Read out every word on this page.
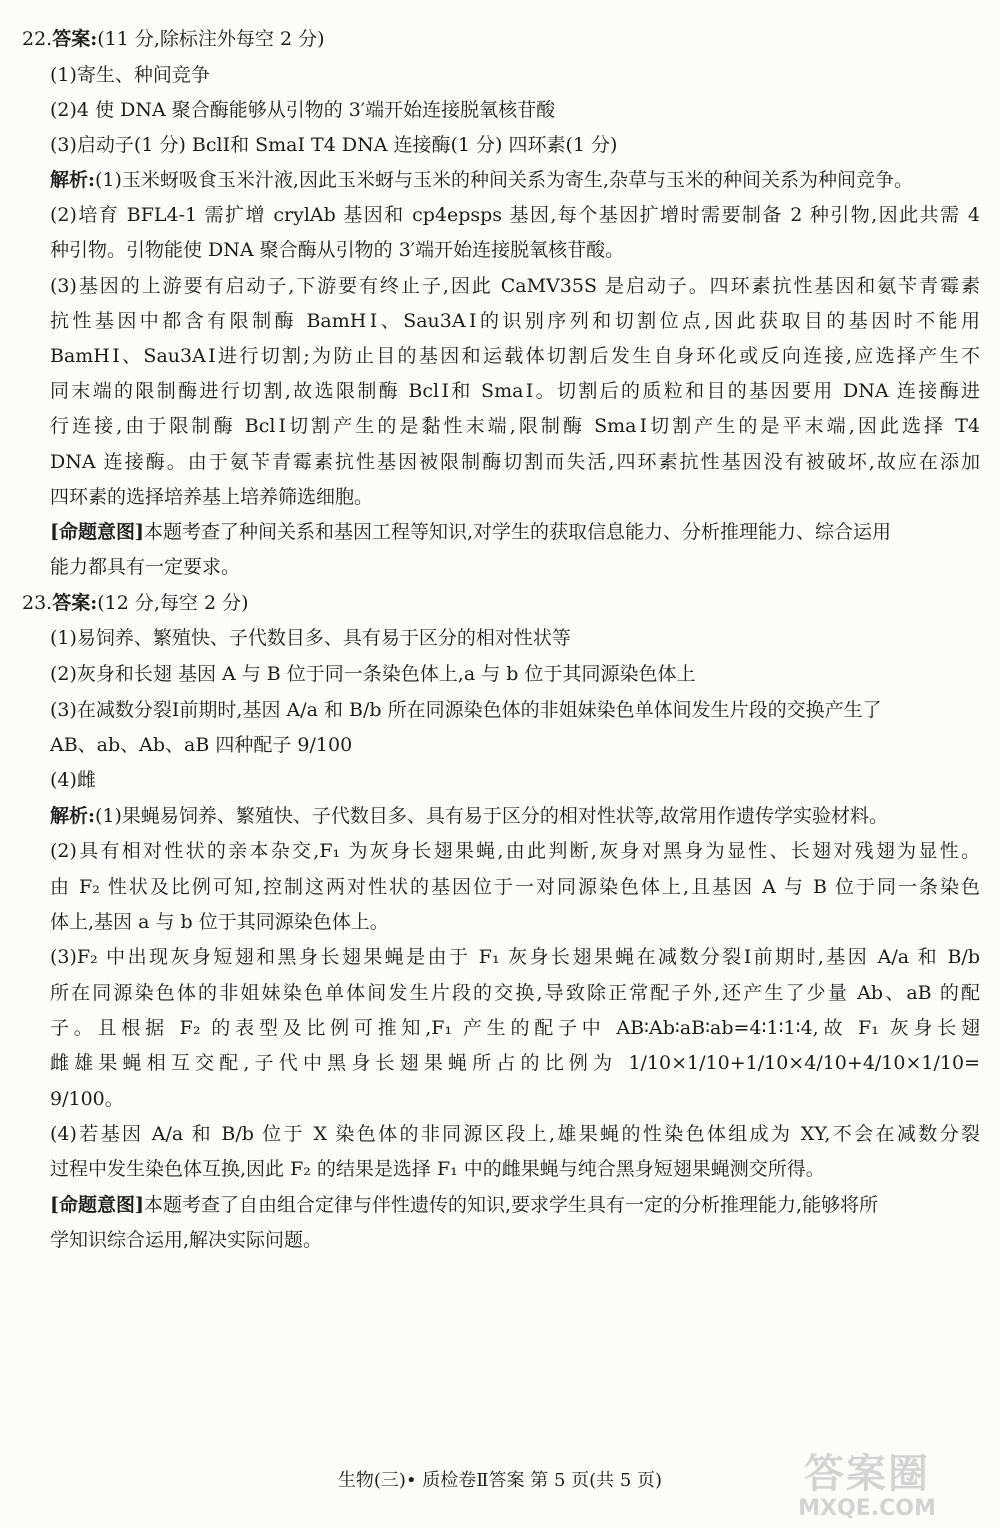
22.答案:(11 分,除标注外每空 2 分)
(1)寄生、种间竞争
(2)4 使 DNA 聚合酶能够从引物的 3′端开始连接脱氧核苷酸
(3)启动子(1 分) BclⅠ和 SmaⅠ T4 DNA 连接酶(1 分) 四环素(1 分)
解析:(1)玉米蚜吸食玉米汁液,因此玉米蚜与玉米的种间关系为寄生,杂草与玉米的种间关系为种间竞争。
(2)培育 BFL4-1 需扩增 crylAb 基因和 cp4epsps 基因,每个基因扩增时需要制备 2 种引物,因此共需 4
种引物。引物能使 DNA 聚合酶从引物的 3′端开始连接脱氧核苷酸。
(3)基因的上游要有启动子,下游要有终止子,因此 CaMV35S 是启动子。四环素抗性基因和氨苄青霉素
抗性基因中都含有限制酶 BamHⅠ、Sau3AⅠ的识别序列和切割位点,因此获取目的基因时不能用
BamHⅠ、Sau3AⅠ进行切割;为防止目的基因和运载体切割后发生自身环化或反向连接,应选择产生不
同末端的限制酶进行切割,故选限制酶 BclⅠ和 SmaⅠ。切割后的质粒和目的基因要用 DNA 连接酶进
行连接,由于限制酶 BclⅠ切割产生的是黏性末端,限制酶 SmaⅠ切割产生的是平末端,因此选择 T4
DNA 连接酶。由于氨苄青霉素抗性基因被限制酶切割而失活,四环素抗性基因没有被破坏,故应在添加
四环素的选择培养基上培养筛选细胞。
[命题意图]本题考查了种间关系和基因工程等知识,对学生的获取信息能力、分析推理能力、综合运用
能力都具有一定要求。
23.答案:(12 分,每空 2 分)
(1)易饲养、繁殖快、子代数目多、具有易于区分的相对性状等
(2)灰身和长翅 基因 A 与 B 位于同一条染色体上,a 与 b 位于其同源染色体上
(3)在减数分裂Ⅰ前期时,基因 A/a 和 B/b 所在同源染色体的非姐妹染色单体间发生片段的交换产生了
AB、ab、Ab、aB 四种配子 9/100
(4)雌
解析:(1)果蝇易饲养、繁殖快、子代数目多、具有易于区分的相对性状等,故常用作遗传学实验材料。
(2)具有相对性状的亲本杂交,F₁ 为灰身长翅果蝇,由此判断,灰身对黑身为显性、长翅对残翅为显性。
由 F₂ 性状及比例可知,控制这两对性状的基因位于一对同源染色体上,且基因 A 与 B 位于同一条染色
体上,基因 a 与 b 位于其同源染色体上。
(3)F₂ 中出现灰身短翅和黑身长翅果蝇是由于 F₁ 灰身长翅果蝇在减数分裂Ⅰ前期时,基因 A/a 和 B/b
所在同源染色体的非姐妹染色单体间发生片段的交换,导致除正常配子外,还产生了少量 Ab、aB 的配
子。且根据 F₂ 的表型及比例可推知,F₁ 产生的配子中 AB∶Ab∶aB∶ab=4∶1∶1∶4,故 F₁ 灰身长翅
雌雄果蝇相互交配,子代中黑身长翅果蝇所占的比例为 1/10×1/10+1/10×4/10+4/10×1/10=
9/100。
(4)若基因 A/a 和 B/b 位于 X 染色体的非同源区段上,雄果蝇的性染色体组成为 XY,不会在减数分裂
过程中发生染色体互换,因此 F₂ 的结果是选择 F₁ 中的雌果蝇与纯合黑身短翅果蝇测交所得。
[命题意图]本题考查了自由组合定律与伴性遗传的知识,要求学生具有一定的分析推理能力,能够将所
学知识综合运用,解决实际问题。
生物(三)• 质检卷Ⅱ答案 第 5 页(共 5 页)	答案圈
MXQE.COM
